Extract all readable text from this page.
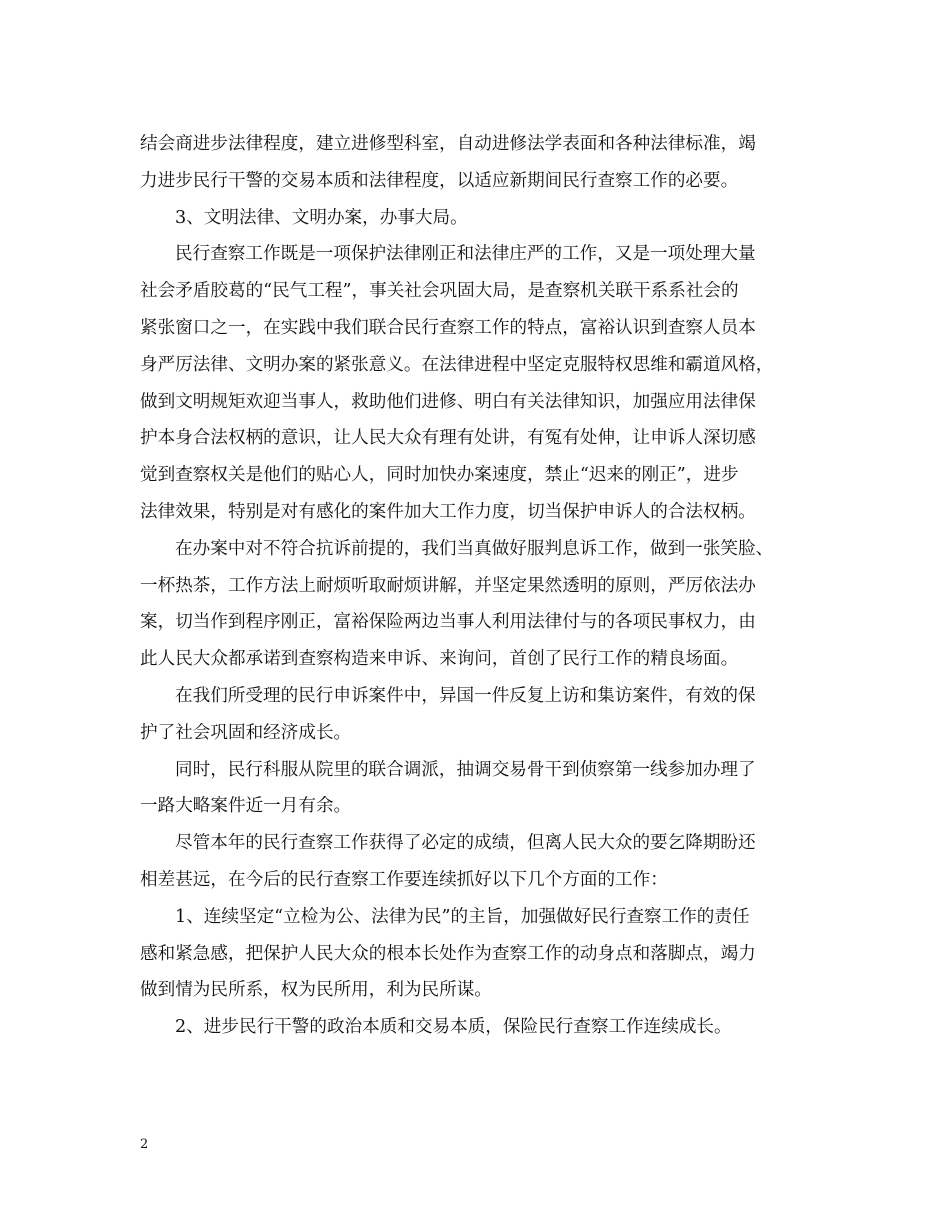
结会商进步法律程度，建立进修型科室，自动进修法学表面和各种法律标准，竭
力进步民行干警的交易本质和法律程度，以适应新期间民行查察工作的必要。
3、文明法律、文明办案，办事大局。
民行查察工作既是一项保护法律刚正和法律庄严的工作，又是一项处理大量
社会矛盾胶葛的“民气工程”，事关社会巩固大局，是查察机关联干系系社会的
紧张窗口之一，在实践中我们联合民行查察工作的特点，富裕认识到查察人员本
身严厉法律、文明办案的紧张意义。在法律进程中坚定克服特权思维和霸道风格，
做到文明规矩欢迎当事人，救助他们进修、明白有关法律知识，加强应用法律保
护本身合法权柄的意识，让人民大众有理有处讲，有冤有处伸，让申诉人深切感
觉到查察权关是他们的贴心人，同时加快办案速度，禁止“迟来的刚正”，进步
法律效果，特别是对有感化的案件加大工作力度，切当保护申诉人的合法权柄。
在办案中对不符合抗诉前提的，我们当真做好服判息诉工作，做到一张笑脸、
一杯热茶，工作方法上耐烦听取耐烦讲解，并坚定果然透明的原则，严厉依法办
案，切当作到程序刚正，富裕保险两边当事人利用法律付与的各项民事权力，由
此人民大众都承诺到查察构造来申诉、来询问，首创了民行工作的精良场面。
在我们所受理的民行申诉案件中，异国一件反复上访和集访案件，有效的保
护了社会巩固和经济成长。
同时，民行科服从院里的联合调派，抽调交易骨干到侦察第一线参加办理了
一路大略案件近一月有余。
尽管本年的民行查察工作获得了必定的成绩，但离人民大众的要乞降期盼还
相差甚远，在今后的民行查察工作要连续抓好以下几个方面的工作：
1、连续坚定“立检为公、法律为民”的主旨，加强做好民行查察工作的责任
感和紧急感，把保护人民大众的根本长处作为查察工作的动身点和落脚点，竭力
做到情为民所系，权为民所用，利为民所谋。
2、进步民行干警的政治本质和交易本质，保险民行查察工作连续成长。
2
